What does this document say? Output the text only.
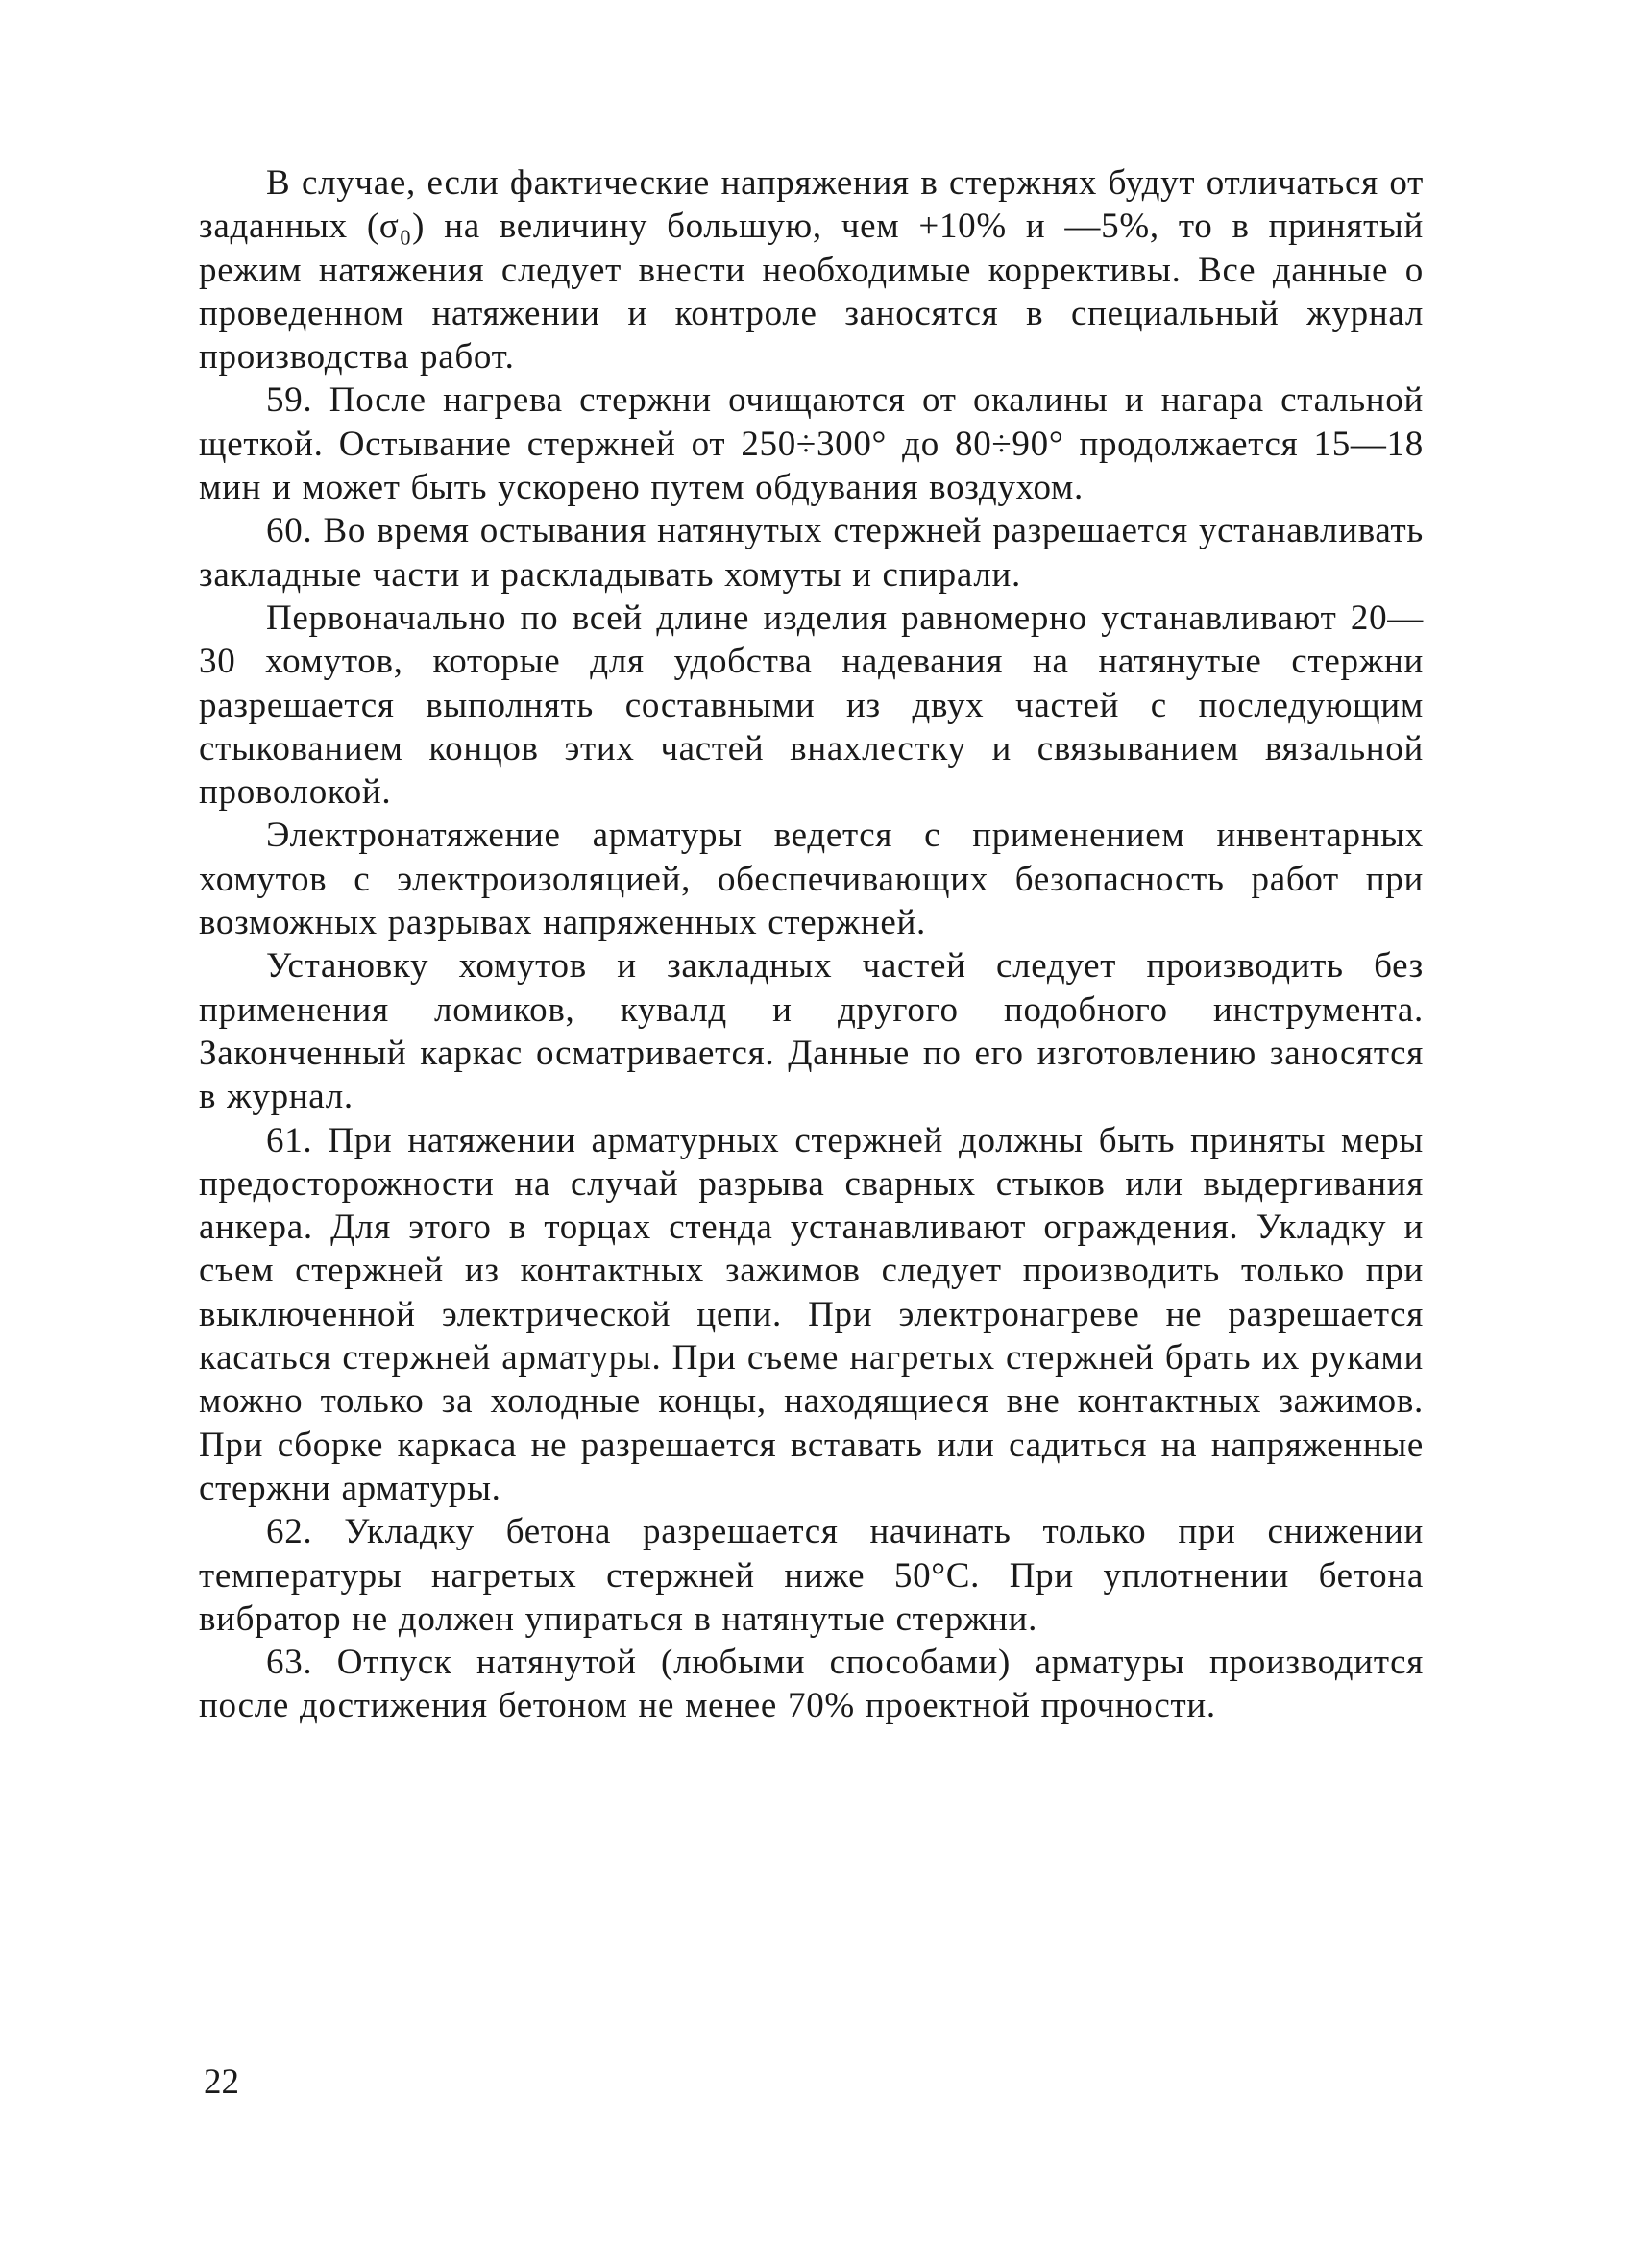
В случае, если фактические напряжения в стержнях будут отличаться от заданных (σ₀) на величину большую, чем +10% и —5%, то в принятый режим натяжения следует внести необходимые коррективы. Все данные о проведенном натяжении и контроле заносятся в специальный журнал производства работ.

59. После нагрева стержни очищаются от окалины и нагара стальной щеткой. Остывание стержней от 250÷300° до 80÷90° продолжается 15—18 мин и может быть ускорено путем обдувания воздухом.

60. Во время остывания натянутых стержней разрешается устанавливать закладные части и раскладывать хомуты и спирали.

Первоначально по всей длине изделия равномерно устанавливают 20—30 хомутов, которые для удобства надевания на натянутые стержни разрешается выполнять составными из двух частей с последующим стыкованием концов этих частей внахлестку и связыванием вязальной проволокой.

Электронатяжение арматуры ведется с применением инвентарных хомутов с электроизоляцией, обеспечивающих безопасность работ при возможных разрывах напряженных стержней.

Установку хомутов и закладных частей следует производить без применения ломиков, кувалд и другого подобного инструмента. Законченный каркас осматривается. Данные по его изготовлению заносятся в журнал.

61. При натяжении арматурных стержней должны быть приняты меры предосторожности на случай разрыва сварных стыков или выдергивания анкера. Для этого в торцах стенда устанавливают ограждения. Укладку и съем стержней из контактных зажимов следует производить только при выключенной электрической цепи. При электронагреве не разрешается касаться стержней арматуры. При съеме нагретых стержней брать их руками можно только за холодные концы, находящиеся вне контактных зажимов. При сборке каркаса не разрешается вставать или садиться на напряженные стержни арматуры.

62. Укладку бетона разрешается начинать только при снижении температуры нагретых стержней ниже 50°С. При уплотнении бетона вибратор не должен упираться в натянутые стержни.

63. Отпуск натянутой (любыми способами) арматуры производится после достижения бетоном не менее 70% проектной прочности.

22
